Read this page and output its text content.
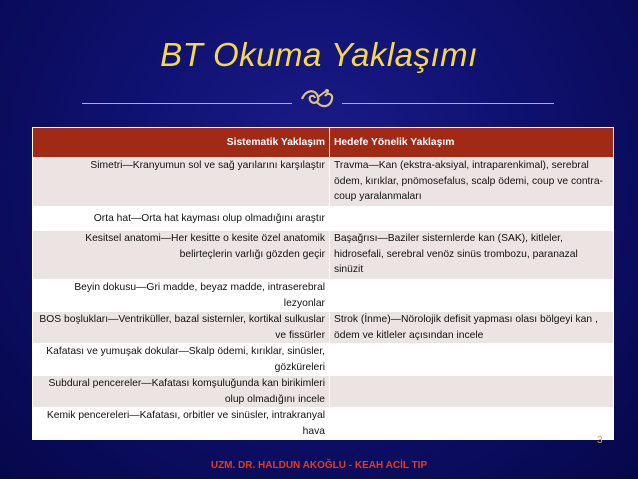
BT Okuma Yaklaşımı
Sistematik Yaklaşım	Hedefe Yönelik Yaklaşım
Simetri—Kranyumun sol ve sağ yarılarını karşılaştır	Travma—Kan (ekstra-aksiyal, intraparenkimal), serebral ödem, kırıklar, pnömosefalus, scalp ödemi, coup ve contra-coup yaralanmaları
Orta hat—Orta hat kayması olup olmadığını araştır	
Kesitsel anatomi—Her kesitte o kesite özel anatomik belirteçlerin varlığı gözden geçir	Başağrısı—Baziler sisternlerde kan (SAK), kitleler, hidrosefali, serebral venöz sinüs trombozu, paranazal sinüzit
Beyin dokusu—Gri madde, beyaz madde, intraserebral lezyonlar	
BOS boşlukları—Ventriküller, bazal sisternler, kortikal sulkuslar ve fissürler	Strok (İnme)—Nörolojik defisit yapması olası bölgeyi kan , ödem ve kitleler açısından incele
Kafatası ve yumuşak dokular—Skalp ödemi, kırıklar, sinüsler, gözküreleri	
Subdural pencereler—Kafatası komşuluğunda kan birikimleri olup olmadığını incele	
Kemik pencereleri—Kafatası, orbitler ve sinüsler, intrakranyal hava	
3
UZM. DR. HALDUN AKOĞLU - KEAH ACİL TIP
